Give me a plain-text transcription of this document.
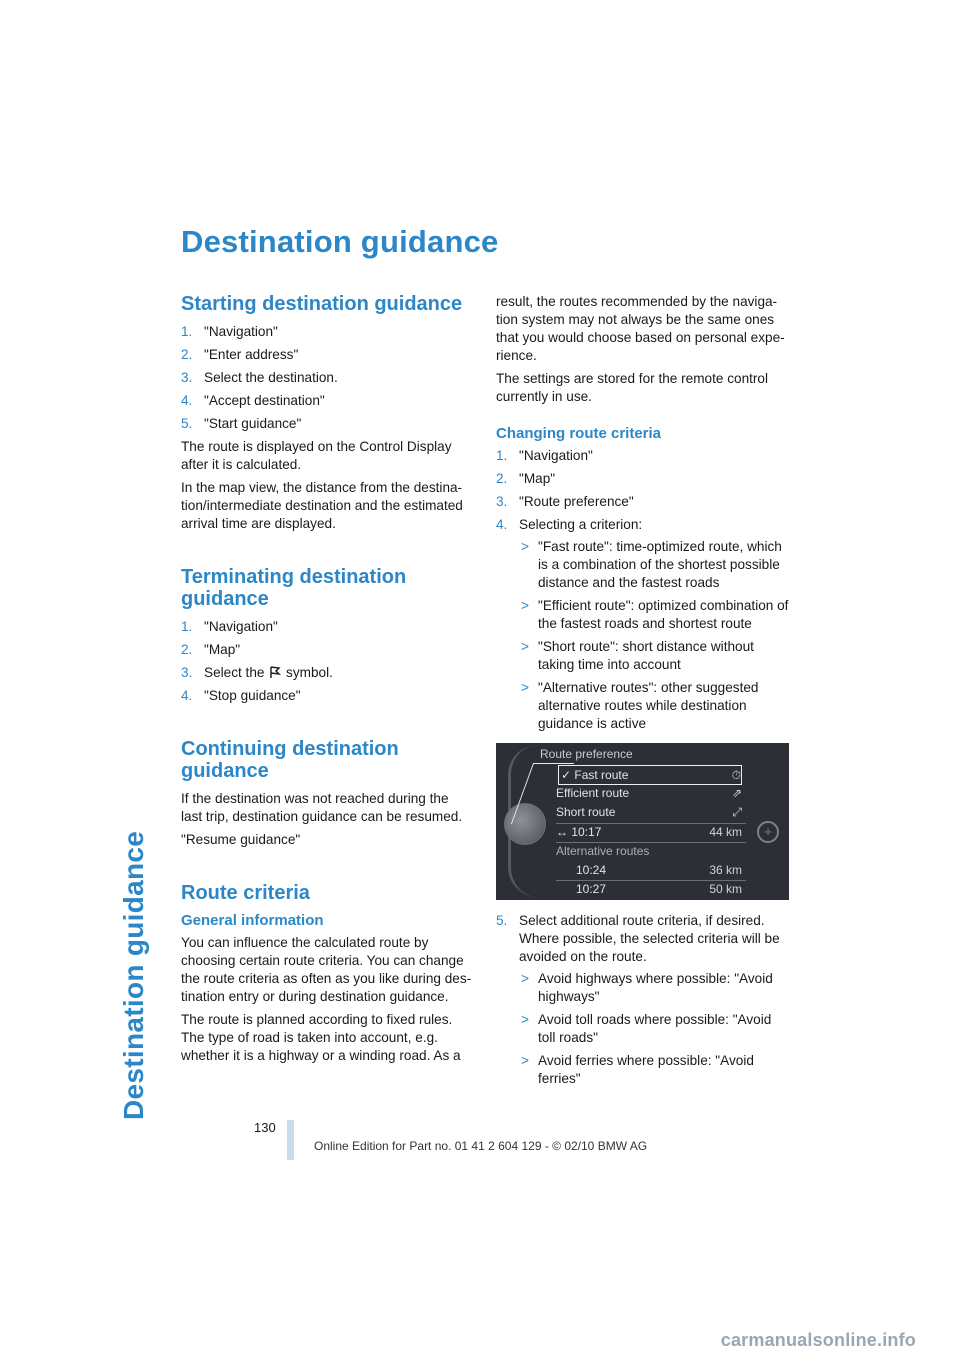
Destination guidance
Destination guidance
Starting destination guidance
1. "Navigation"
2. "Enter address"
3. Select the destination.
4. "Accept destination"
5. "Start guidance"

The route is displayed on the Control Display after it is calculated.

In the map view, the distance from the destina-tion/intermediate destination and the estimated arrival time are displayed.

Terminating destination guidance
1. "Navigation"
2. "Map"
3. Select the symbol.
4. "Stop guidance"
Continuing destination guidance

If the destination was not reached during the last trip, destination guidance can be resumed.

"Resume guidance"

Route criteria
General information

You can influence the calculated route by choosing certain route criteria. You can change the route criteria as often as you like during des-tination entry or during destination guidance.

The route is planned according to fixed rules. The type of road is taken into account, e.g. whether it is a highway or a winding road. As a

result, the routes recommended by the naviga-tion system may not always be the same ones that you would choose based on personal expe-rience.

The settings are stored for the remote control currently in use.

Changing route criteria
1. "Navigation"
2. "Map"
3. "Route preference"
4. Selecting a criterion:
> "Fast route": time-optimized route, which is a combination of the shortest possible distance and the fastest roads
> "Efficient route": optimized combination of the fastest roads and shortest route
> "Short route": short distance without taking time into account
> "Alternative routes": other suggested alternative routes while destination guidance is active
+
Route preference
✓ Fast route	⏱
Efficient route	⇗
Short route	⤢
↔ 10:17	44 km
Alternative routes
10:24	36 km
10:27	50 km
5. Select additional route criteria, if desired. Where possible, the selected criteria will be avoided on the route.
> Avoid highways where possible: "Avoid highways"
> Avoid toll roads where possible: "Avoid toll roads"
> Avoid ferries where possible: "Avoid ferries"
130
Online Edition for Part no. 01 41 2 604 129 - © 02/10 BMW AG
carmanualsonline.info
